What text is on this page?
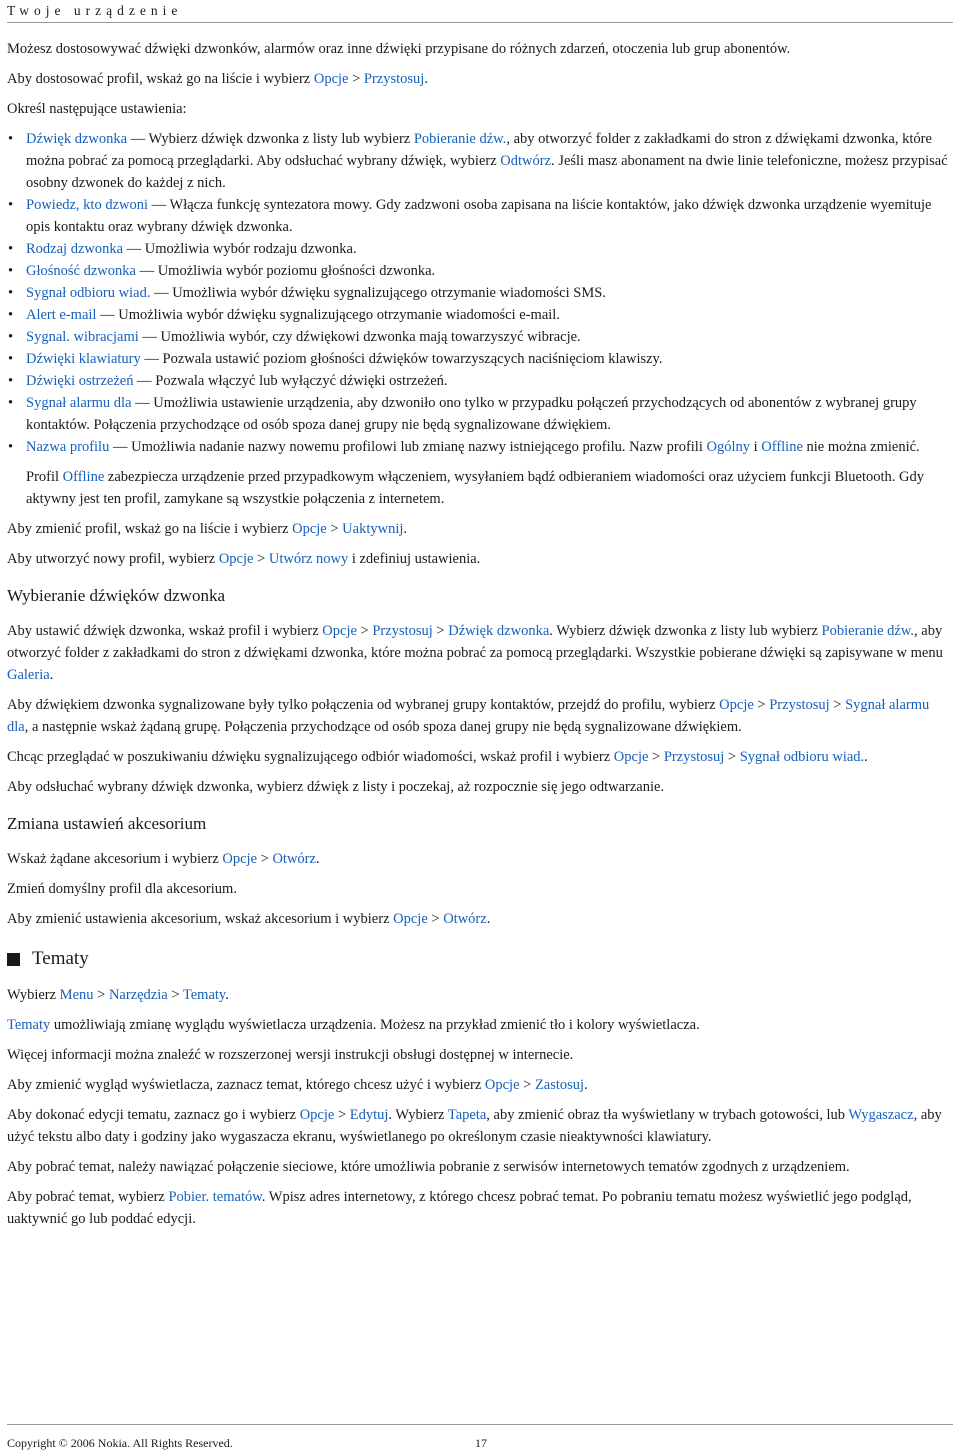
Twoje urządzenie

Możesz dostosowywać dźwięki dzwonków, alarmów oraz inne dźwięki przypisane do różnych zdarzeń, otoczenia lub grup abonentów.

Aby dostosować profil, wskaż go na liście i wybierz Opcje > Przystosuj.

Określ następujące ustawienia:

• Dźwięk dzwonka — Wybierz dźwięk dzwonka z listy lub wybierz Pobieranie dźw., aby otworzyć folder z zakładkami do stron z dźwiękami dzwonka, które można pobrać za pomocą przeglądarki. Aby odsłuchać wybrany dźwięk, wybierz Odtwórz. Jeśli masz abonament na dwie linie telefoniczne, możesz przypisać osobny dzwonek do każdej z nich.
• Powiedz, kto dzwoni — Włącza funkcję syntezatora mowy. Gdy zadzwoni osoba zapisana na liście kontaktów, jako dźwięk dzwonka urządzenie wyemituje opis kontaktu oraz wybrany dźwięk dzwonka.
• Rodzaj dzwonka — Umożliwia wybór rodzaju dzwonka.
• Głośność dzwonka — Umożliwia wybór poziomu głośności dzwonka.
• Sygnał odbioru wiad. — Umożliwia wybór dźwięku sygnalizującego otrzymanie wiadomości SMS.
• Alert e-mail — Umożliwia wybór dźwięku sygnalizującego otrzymanie wiadomości e-mail.
• Sygnal. wibracjami — Umożliwia wybór, czy dźwiękowi dzwonka mają towarzyszyć wibracje.
• Dźwięki klawiatury — Pozwala ustawić poziom głośności dźwięków towarzyszących naciśnięciom klawiszy.
• Dźwięki ostrzeżeń — Pozwala włączyć lub wyłączyć dźwięki ostrzeżeń.
• Sygnał alarmu dla — Umożliwia ustawienie urządzenia, aby dzwoniło ono tylko w przypadku połączeń przychodzących od abonentów z wybranej grupy kontaktów. Połączenia przychodzące od osób spoza danej grupy nie będą sygnalizowane dźwiękiem.
• Nazwa profilu — Umożliwia nadanie nazwy nowemu profilowi lub zmianę nazwy istniejącego profilu. Nazw profili Ogólny i Offline nie można zmienić.

Profil Offline zabezpiecza urządzenie przed przypadkowym włączeniem, wysyłaniem bądź odbieraniem wiadomości oraz użyciem funkcji Bluetooth. Gdy aktywny jest ten profil, zamykane są wszystkie połączenia z internetem.

Aby zmienić profil, wskaż go na liście i wybierz Opcje > Uaktywnij.

Aby utworzyć nowy profil, wybierz Opcje > Utwórz nowy i zdefiniuj ustawienia.

Wybieranie dźwięków dzwonka

Aby ustawić dźwięk dzwonka, wskaż profil i wybierz Opcje > Przystosuj > Dźwięk dzwonka. Wybierz dźwięk dzwonka z listy lub wybierz Pobieranie dźw., aby otworzyć folder z zakładkami do stron z dźwiękami dzwonka, które można pobrać za pomocą przeglądarki. Wszystkie pobierane dźwięki są zapisywane w menu Galeria.

Aby dźwiękiem dzwonka sygnalizowane były tylko połączenia od wybranej grupy kontaktów, przejdź do profilu, wybierz Opcje > Przystosuj > Sygnał alarmu dla, a następnie wskaż żądaną grupę. Połączenia przychodzące od osób spoza danej grupy nie będą sygnalizowane dźwiękiem.

Chcąc przeglądać w poszukiwaniu dźwięku sygnalizującego odbiór wiadomości, wskaż profil i wybierz Opcje > Przystosuj > Sygnał odbioru wiad..

Aby odsłuchać wybrany dźwięk dzwonka, wybierz dźwięk z listy i poczekaj, aż rozpocznie się jego odtwarzanie.

Zmiana ustawień akcesorium

Wskaż żądane akcesorium i wybierz Opcje > Otwórz.

Zmień domyślny profil dla akcesorium.

Aby zmienić ustawienia akcesorium, wskaż akcesorium i wybierz Opcje > Otwórz.

Tematy

Wybierz Menu > Narzędzia > Tematy.

Tematy umożliwiają zmianę wyglądu wyświetlacza urządzenia. Możesz na przykład zmienić tło i kolory wyświetlacza.

Więcej informacji można znaleźć w rozszerzonej wersji instrukcji obsługi dostępnej w internecie.

Aby zmienić wygląd wyświetlacza, zaznacz temat, którego chcesz użyć i wybierz Opcje > Zastosuj.

Aby dokonać edycji tematu, zaznacz go i wybierz Opcje > Edytuj. Wybierz Tapeta, aby zmienić obraz tła wyświetlany w trybach gotowości, lub Wygaszacz, aby użyć tekstu albo daty i godziny jako wygaszacza ekranu, wyświetlanego po określonym czasie nieaktywności klawiatury.

Aby pobrać temat, należy nawiązać połączenie sieciowe, które umożliwia pobranie z serwisów internetowych tematów zgodnych z urządzeniem.

Aby pobrać temat, wybierz Pobier. tematów. Wpisz adres internetowy, z którego chcesz pobrać temat. Po pobraniu tematu możesz wyświetlić jego podgląd, uaktywnić go lub poddać edycji.

Copyright © 2006 Nokia. All Rights Reserved.	17
